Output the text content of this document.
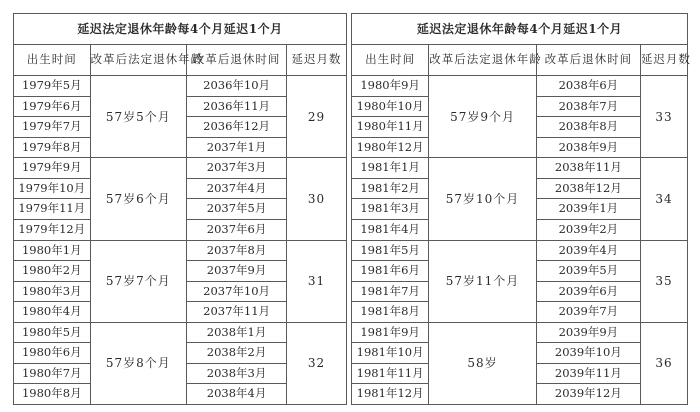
延迟法定退休年龄每4个月延迟1个月			
出生时间	改革后法定退休年龄	改革后退休时间	延迟月数
1979年5月	57岁5个月	2036年10月	29
1979年6月		2036年11月	
1979年7月		2036年12月	
1979年8月		2037年1月	
1979年9月	57岁6个月	2037年3月	30
1979年10月		2037年4月	
1979年11月		2037年5月	
1979年12月		2037年6月	
1980年1月	57岁7个月	2037年8月	31
1980年2月		2037年9月	
1980年3月		2037年10月	
1980年4月		2037年11月	
1980年5月	57岁8个月	2038年1月	32
1980年6月		2038年2月	
1980年7月		2038年3月	
1980年8月		2038年4月	
延迟法定退休年龄每4个月延迟1个月			
出生时间	改革后法定退休年龄	改革后退休时间	延迟月数
1980年9月	57岁9个月	2038年6月	33
1980年10月		2038年7月	
1980年11月		2038年8月	
1980年12月		2038年9月	
1981年1月	57岁10个月	2038年11月	34
1981年2月		2038年12月	
1981年3月		2039年1月	
1981年4月		2039年2月	
1981年5月	57岁11个月	2039年4月	35
1981年6月		2039年5月	
1981年7月		2039年6月	
1981年8月		2039年7月	
1981年9月	58岁	2039年9月	36
1981年10月		2039年10月	
1981年11月		2039年11月	
1981年12月		2039年12月	
